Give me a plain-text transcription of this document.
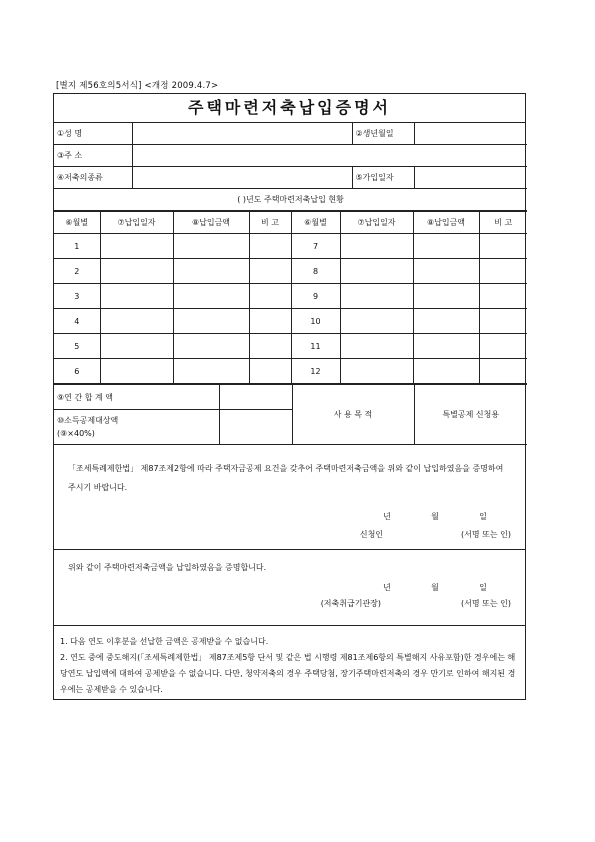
[별지 제56호의5서식] <개정 2009.4.7>
주택마련저축납입증명서
①성 명		②생년월일	
③주 소			
④저축의종류		⑤가입일자	
( )년도 주택마련저축납입 현황			
⑥월별	⑦납입일자	⑧납입금액	비 고	⑥월별	⑦납입일자	⑧납입금액	비 고
1				7			
2				8			
3				9			
4				10			
5				11			
6				12			
⑨연 간 합 계 액		사 용 목 적	특별공제 신청용

⑩소득공제대상액
(⑨×40%)			

「조세특례제한법」 제87조제2항에 따라 주택자금공제 요건을 갖추어 주택마련저축금액을 위와 같이 납입하였음을 증명하여 주시기 바랍니다.
년	월	일
신청인	(서명 또는 인)
위와 같이 주택마련저축금액을 납입하였음을 증명합니다.
년	월	일
(저축취급기관장)	(서명 또는 인)
1. 다음 연도 이후분을 선납한 금액은 공제받을 수 없습니다.
2. 연도 중에 중도해지(「조세특례제한법」 제87조제5항 단서 및 같은 법 시행령 제81조제6항의 특별해지 사유포함)한 경우에는 해당연도 납입액에 대하여 공제받을 수 없습니다. 다만, 청약저축의 경우 주택당첨, 장기주택마련저축의 경우 만기로 인하여 해지된 경우에는 공제받을 수 있습니다.
